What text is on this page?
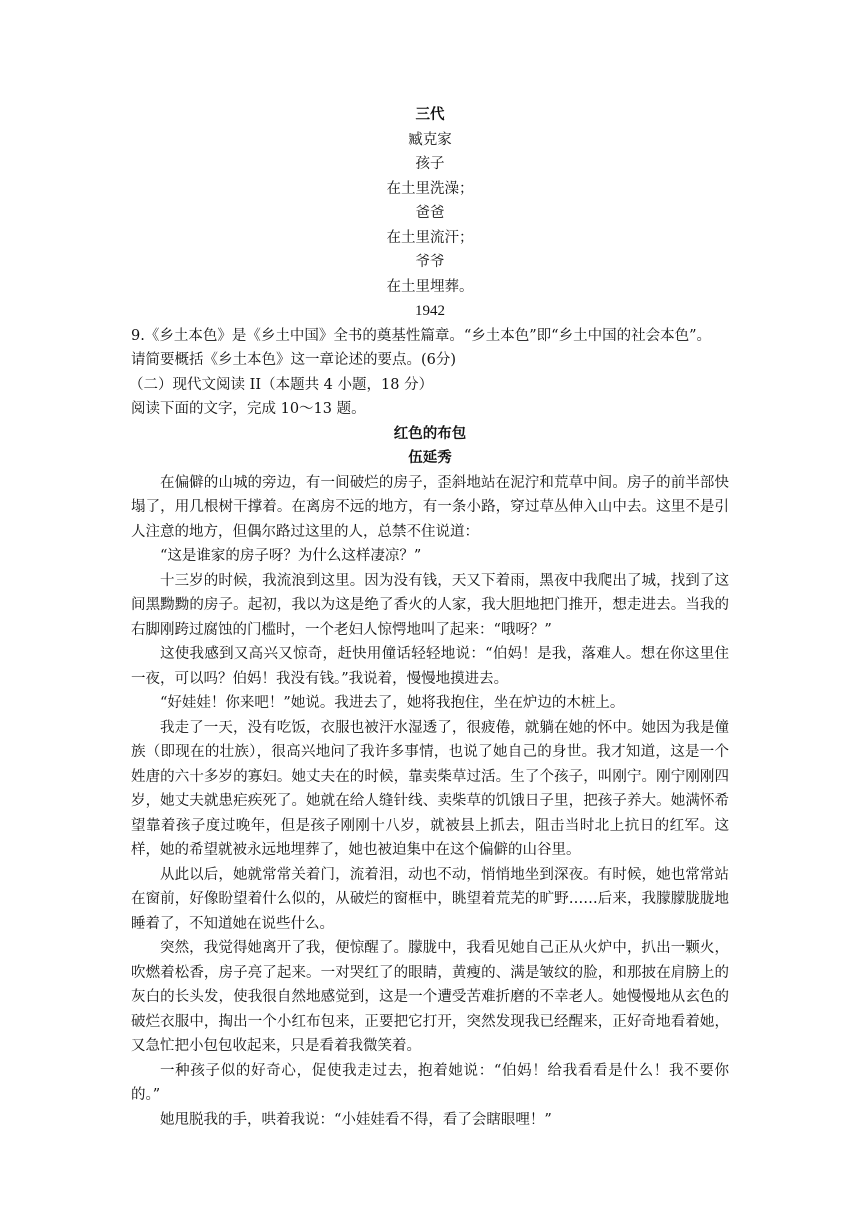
三代

臧克家

孩子

在土里洗澡；

爸爸

在土里流汗；

爷爷

在土里埋葬。

1942

9.《乡土本色》是《乡土中国》全书的奠基性篇章。“乡土本色”即“乡土中国的社会本色”。

请简要概括《乡土本色》这一章论述的要点。(6分)

（二）现代文阅读 II（本题共 4 小题，18 分）

阅读下面的文字，完成 10～13 题。

红色的布包

伍延秀

在偏僻的山城的旁边，有一间破烂的房子，歪斜地站在泥泞和荒草中间。房子的前半部快塌了，用几根树干撑着。在离房不远的地方，有一条小路，穿过草丛伸入山中去。这里不是引人注意的地方，但偶尔路过这里的人，总禁不住说道：

“这是谁家的房子呀？为什么这样凄凉？”

十三岁的时候，我流浪到这里。因为没有钱，天又下着雨，黑夜中我爬出了城，找到了这间黑黝黝的房子。起初，我以为这是绝了香火的人家，我大胆地把门推开，想走进去。当我的右脚刚跨过腐蚀的门槛时，一个老妇人惊愕地叫了起来：“哦呀？”

这使我感到又高兴又惊奇，赶快用僮话轻轻地说：“伯妈！是我，落难人。想在你这里住一夜，可以吗？伯妈！我没有钱。”我说着，慢慢地摸进去。

“好娃娃！你来吧！”她说。我进去了，她将我抱住，坐在炉边的木桩上。

我走了一天，没有吃饭，衣服也被汗水湿透了，很疲倦，就躺在她的怀中。她因为我是僮族（即现在的壮族），很高兴地问了我许多事情，也说了她自己的身世。我才知道，这是一个姓唐的六十多岁的寡妇。她丈夫在的时候，靠卖柴草过活。生了个孩子，叫刚宁。刚宁刚刚四岁，她丈夫就患疟疾死了。她就在给人缝针线、卖柴草的饥饿日子里，把孩子养大。她满怀希望靠着孩子度过晚年，但是孩子刚刚十八岁，就被县上抓去，阻击当时北上抗日的红军。这样，她的希望就被永远地埋葬了，她也被迫集中在这个偏僻的山谷里。

从此以后，她就常常关着门，流着泪，动也不动，悄悄地坐到深夜。有时候，她也常常站在窗前，好像盼望着什么似的，从破烂的窗框中，眺望着荒芜的旷野……后来，我朦朦胧胧地睡着了，不知道她在说些什么。

突然，我觉得她离开了我，便惊醒了。朦胧中，我看见她自己正从火炉中，扒出一颗火，吹燃着松香，房子亮了起来。一对哭红了的眼睛，黄瘦的、满是皱纹的脸，和那披在肩膀上的灰白的长头发，使我很自然地感觉到，这是一个遭受苦难折磨的不幸老人。她慢慢地从玄色的破烂衣服中，掏出一个小红布包来，正要把它打开，突然发现我已经醒来，正好奇地看着她，又急忙把小包包收起来，只是看着我微笑着。

一种孩子似的好奇心，促使我走过去，抱着她说：“伯妈！给我看看是什么！我不要你的。”

她甩脱我的手，哄着我说：“小娃娃看不得，看了会瞎眼哩！”
